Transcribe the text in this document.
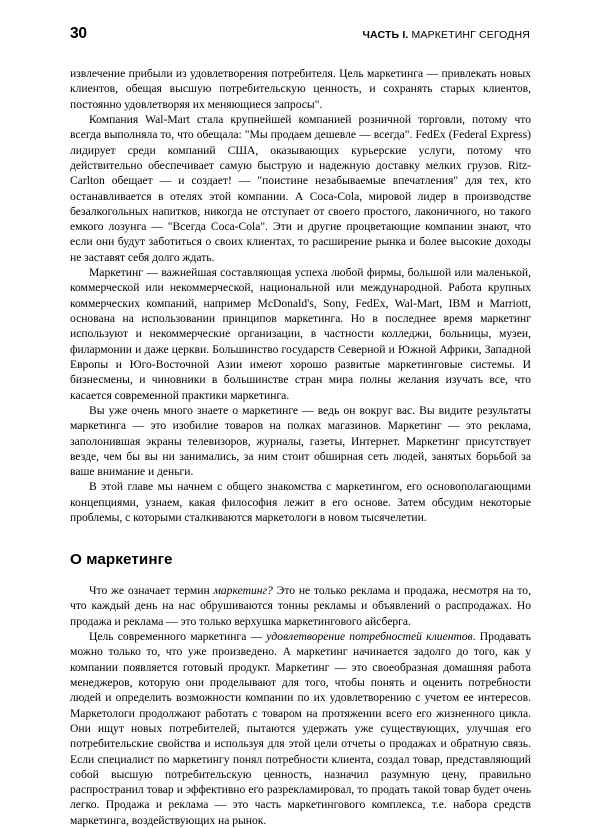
30	ЧАСТЬ I. МАРКЕТИНГ СЕГОДНЯ

извлечение прибыли из удовлетворения потребителя. Цель маркетинга — привлекать новых клиентов, обещая высшую потребительскую ценность, и сохранять старых клиентов, постоянно удовлетворяя их меняющиеся запросы".

Компания Wal-Mart стала крупнейшей компанией розничной торговли, потому что всегда выполняла то, что обещала: "Мы продаем дешевле — всегда". FedEx (Federal Express) лидирует среди компаний США, оказывающих курьерские услуги, потому что действительно обеспечивает самую быструю и надежную доставку мелких грузов. Ritz-Carlton обещает — и создает! — "поистине незабываемые впечатления" для тех, кто останавливается в отелях этой компании. А Coca-Cola, мировой лидер в производстве безалкогольных напитков, никогда не отступает от своего простого, лаконичного, но такого емкого лозунга — "Всегда Coca-Cola". Эти и другие процветающие компании знают, что если они будут заботиться о своих клиентах, то расширение рынка и более высокие доходы не заставят себя долго ждать.

Маркетинг — важнейшая составляющая успеха любой фирмы, большой или маленькой, коммерческой или некоммерческой, национальной или международной. Работа крупных коммерческих компаний, например McDonald's, Sony, FedEx, Wal-Mart, IBM и Marriott, основана на использовании принципов маркетинга. Но в последнее время маркетинг используют и некоммерческие организации, в частности колледжи, больницы, музеи, филармонии и даже церкви. Большинство государств Северной и Южной Африки, Западной Европы и Юго-Восточной Азии имеют хорошо развитые маркетинговые системы. И бизнесмены, и чиновники в большинстве стран мира полны желания изучать все, что касается современной практики маркетинга.

Вы уже очень много знаете о маркетинге — ведь он вокруг вас. Вы видите результаты маркетинга — это изобилие товаров на полках магазинов. Маркетинг — это реклама, заполонившая экраны телевизоров, журналы, газеты, Интернет. Маркетинг присутствует везде, чем бы вы ни занимались, за ним стоит обширная сеть людей, занятых борьбой за ваше внимание и деньги.

В этой главе мы начнем с общего знакомства с маркетингом, его основополагающими концепциями, узнаем, какая философия лежит в его основе. Затем обсудим некоторые проблемы, с которыми сталкиваются маркетологи в новом тысячелетии.

О маркетинге

Что же означает термин маркетинг? Это не только реклама и продажа, несмотря на то, что каждый день на нас обрушиваются тонны рекламы и объявлений о распродажах. Но продажа и реклама — это только верхушка маркетингового айсберга.

Цель современного маркетинга — удовлетворение потребностей клиентов. Продавать можно только то, что уже произведено. А маркетинг начинается задолго до того, как у компании появляется готовый продукт. Маркетинг — это своеобразная домашняя работа менеджеров, которую они проделывают для того, чтобы понять и оценить потребности людей и определить возможности компании по их удовлетворению с учетом ее интересов. Маркетологи продолжают работать с товаром на протяжении всего его жизненного цикла. Они ищут новых потребителей, пытаются удержать уже существующих, улучшая его потребительские свойства и используя для этой цели отчеты о продажах и обратную связь. Если специалист по маркетингу понял потребности клиента, создал товар, представляющий собой высшую потребительскую ценность, назначил разумную цену, правильно распространил товар и эффективно его разрекламировал, то продать такой товар будет очень легко. Продажа и реклама — это часть маркетингового комплекса, т.е. набора средств маркетинга, воздействующих на рынок.
